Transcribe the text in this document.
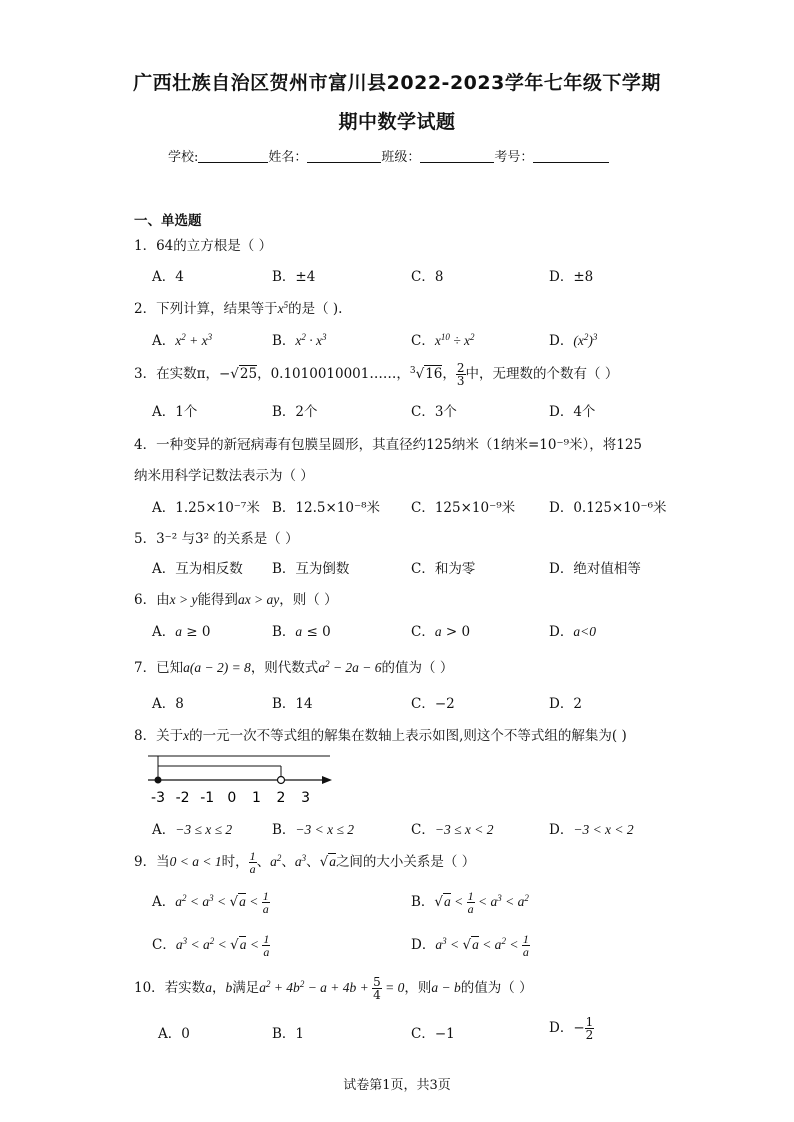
广西壮族自治区贺州市富川县2022-2023学年七年级下学期
期中数学试题
学校:	姓名：	班级：	考号：
一、单选题
1．64的立方根是（ ）
A．4	B．±4	C．8	D．±8
2．下列计算，结果等于$x^5$的是（ ).
A．$x^2 + x^3$	B．$x^2 \cdot x^3$	C．$x^{10} \div x^2$	D．$(x^2)^3$
3．在实数π，−√25，0.1010010001……，$^3$√16， $\frac{2}{3}$ 中，无理数的个数有（ ）
A．1个	B．2个	C．3个	D．4个
4．一种变异的新冠病毒有包膜呈圆形，其直径约125纳米（1纳米=10⁻⁹米），将125
纳米用科学记数法表示为（ ）
A．1.25×10⁻⁷米 B．12.5×10⁻⁸米 C．125×10⁻⁹米	D．0.125×10⁻⁶米
5．3⁻² 与3² 的关系是（ ）
A．互为相反数 B．互为倒数	C．和为零	D．绝对值相等
6．由x > y能得到ax > ay，则（ ）
A．a ≥ 0	B．a ≤ 0	C．a > 0	D．a<0
7．已知a(a − 2) = 8，则代数式$a^2 - 2a - 6$的值为（ ）
A．8	B．14	C．−2	D．2
8．关于x的一元一次不等式组的解集在数轴上表示如图,则这个不等式组的解集为( )
-3 -2 -1 0 1 2 3
A．−3 ≤ x ≤ 2	B．−3 < x ≤ 2	C．−3 ≤ x < 2	D．−3 < x < 2
9．当0 < a < 1时， $\frac{1}{a}$ 、$a^2$、$a^3$、√a之间的大小关系是（ ）
A．$a^2 < a^3 < √a < \frac{1}{a}$	B．$√a < \frac{1}{a} < a^3 < a^2$
C．$a^3 < a^2 < √a < \frac{1}{a}$	D．$a^3 < √a < a^2 < \frac{1}{a}$
10．若实数a，b满足$a^2 + 4b^2 - a + 4b + \frac{5}{4} = 0$，则a − b的值为（ ）
A．0	B．1	C．−1	D．− $\frac{1}{2}$
试卷第1页，共3页
